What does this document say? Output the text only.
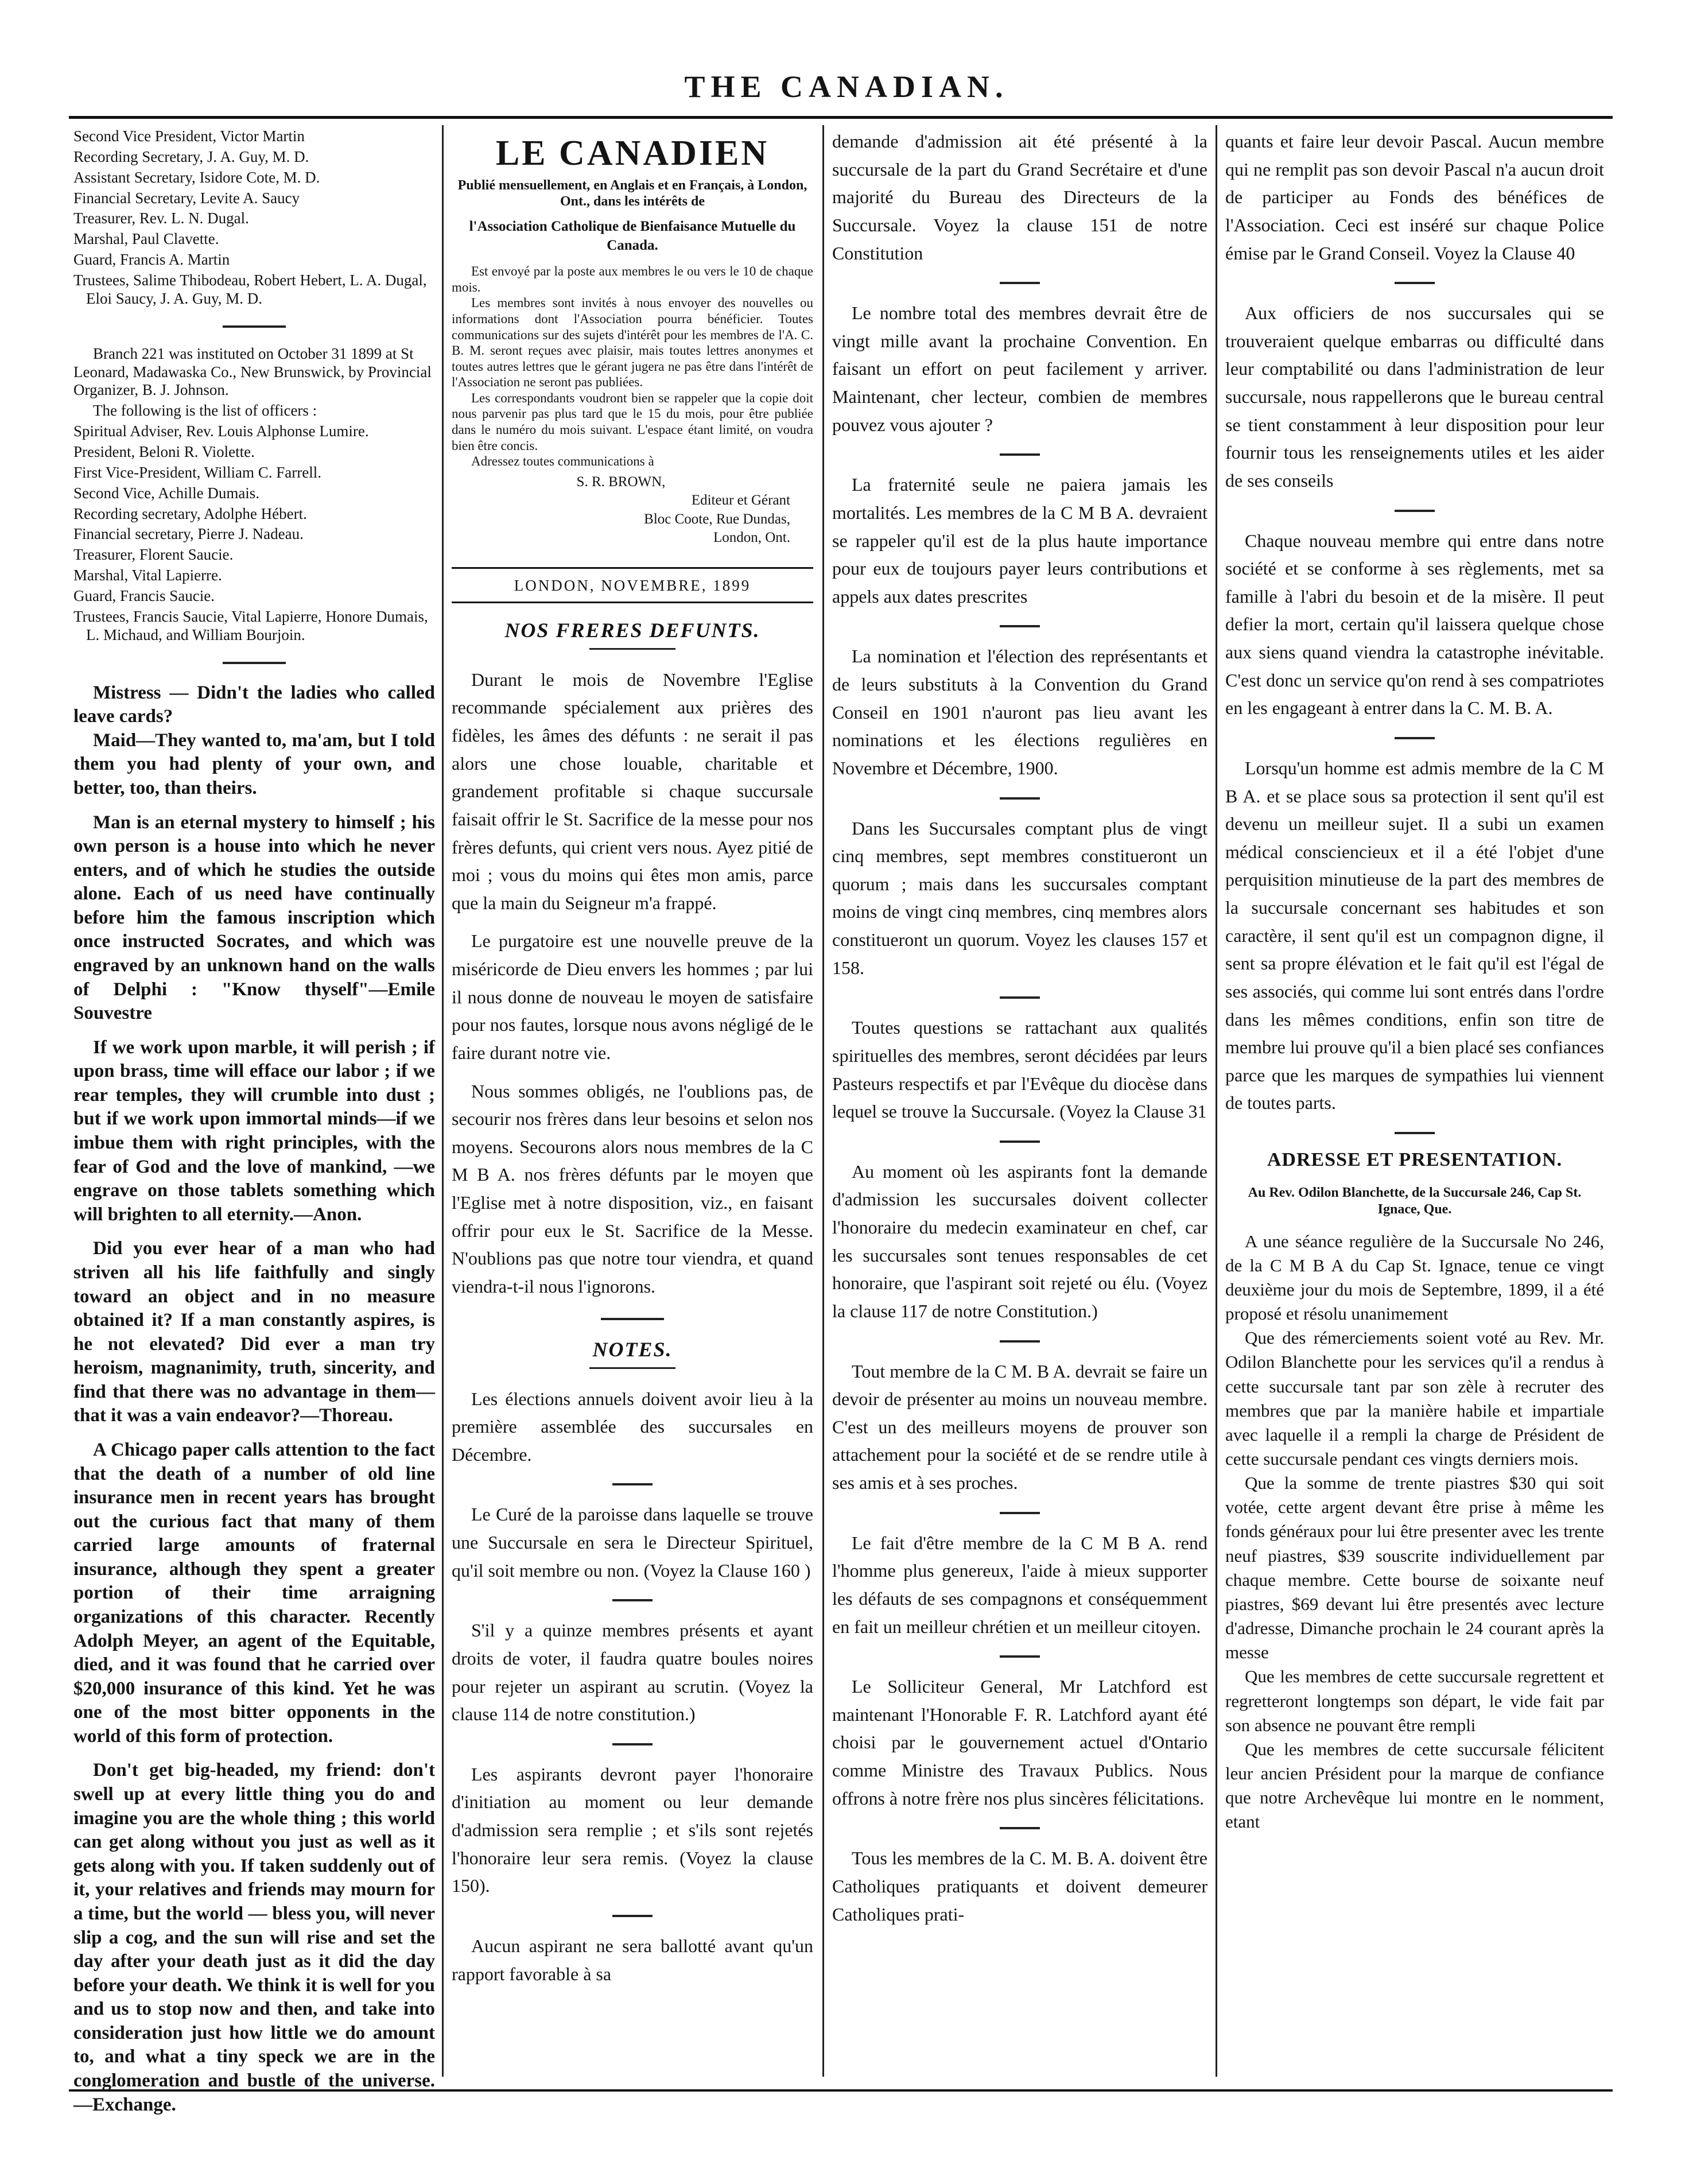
THE CANADIAN.

Second Vice President, Victor Martin

Recording Secretary, J. A. Guy, M. D.

Assistant Secretary, Isidore Cote, M. D.

Financial Secretary, Levite A. Saucy

Treasurer, Rev. L. N. Dugal.

Marshal, Paul Clavette.

Guard, Francis A. Martin

Trustees, Salime Thibodeau, Robert Hebert, L. A. Dugal, Eloi Saucy, J. A. Guy, M. D.

Branch 221 was instituted on October 31 1899 at St Leonard, Madawaska Co., New Brunswick, by Provincial Organizer, B. J. Johnson.

The following is the list of officers :

Spiritual Adviser, Rev. Louis Alphonse Lumire.

President, Beloni R. Violette.

First Vice-President, William C. Farrell.

Second Vice, Achille Dumais.

Recording secretary, Adolphe Hébert.

Financial secretary, Pierre J. Nadeau.

Treasurer, Florent Saucie.

Marshal, Vital Lapierre.

Guard, Francis Saucie.

Trustees, Francis Saucie, Vital Lapierre, Honore Dumais, L. Michaud, and William Bourjoin.

Mistress — Didn't the ladies who called leave cards?

Maid—They wanted to, ma'am, but I told them you had plenty of your own, and better, too, than theirs.

Man is an eternal mystery to himself ; his own person is a house into which he never enters, and of which he studies the outside alone. Each of us need have continually before him the famous inscription which once instructed Socrates, and which was engraved by an unknown hand on the walls of Delphi : "Know thyself"—Emile Souvestre

If we work upon marble, it will perish ; if upon brass, time will efface our labor ; if we rear temples, they will crumble into dust ; but if we work upon immortal minds—if we imbue them with right principles, with the fear of God and the love of mankind, —we engrave on those tablets something which will brighten to all eternity.—Anon.

Did you ever hear of a man who had striven all his life faithfully and singly toward an object and in no measure obtained it? If a man constantly aspires, is he not elevated? Did ever a man try heroism, magnanimity, truth, sincerity, and find that there was no advantage in them—that it was a vain endeavor?—Thoreau.

A Chicago paper calls attention to the fact that the death of a number of old line insurance men in recent years has brought out the curious fact that many of them carried large amounts of fraternal insurance, although they spent a greater portion of their time arraigning organizations of this character. Recently Adolph Meyer, an agent of the Equitable, died, and it was found that he carried over $20,000 insurance of this kind. Yet he was one of the most bitter opponents in the world of this form of protection.

Don't get big-headed, my friend: don't swell up at every little thing you do and imagine you are the whole thing ; this world can get along without you just as well as it gets along with you. If taken suddenly out of it, your relatives and friends may mourn for a time, but the world — bless you, will never slip a cog, and the sun will rise and set the day after your death just as it did the day before your death. We think it is well for you and us to stop now and then, and take into consideration just how little we do amount to, and what a tiny speck we are in the conglomeration and bustle of the universe.—Exchange.

LE CANADIEN
Publié mensuellement, en Anglais et en Français, à London, Ont., dans les intérêts de
l'Association Catholique de Bienfaisance Mutuelle du Canada.

Est envoyé par la poste aux membres le ou vers le 10 de chaque mois.

Les membres sont invités à nous envoyer des nouvelles ou informations dont l'Association pourra bénéficier. Toutes communications sur des sujets d'intérêt pour les membres de l'A. C. B. M. seront reçues avec plaisir, mais toutes lettres anonymes et toutes autres lettres que le gérant jugera ne pas être dans l'intérêt de l'Association ne seront pas publiées.

Les correspondants voudront bien se rappeler que la copie doit nous parvenir pas plus tard que le 15 du mois, pour être publiée dans le numéro du mois suivant. L'espace étant limité, on voudra bien être concis.

Adressez toutes communications à

S. R. BROWN,
Editeur et Gérant
Bloc Coote, Rue Dundas,
London, Ont.
LONDON, NOVEMBRE, 1899
NOS FRERES DEFUNTS.

Durant le mois de Novembre l'Eglise recommande spécialement aux prières des fidèles, les âmes des défunts : ne serait il pas alors une chose louable, charitable et grandement profitable si chaque succursale faisait offrir le St. Sacrifice de la messe pour nos frères defunts, qui crient vers nous. Ayez pitié de moi ; vous du moins qui êtes mon amis, parce que la main du Seigneur m'a frappé.

Le purgatoire est une nouvelle preuve de la miséricorde de Dieu envers les hommes ; par lui il nous donne de nouveau le moyen de satisfaire pour nos fautes, lorsque nous avons négligé de le faire durant notre vie.

Nous sommes obligés, ne l'oublions pas, de secourir nos frères dans leur besoins et selon nos moyens. Secourons alors nous membres de la C M B A. nos frères défunts par le moyen que l'Eglise met à notre disposition, viz., en faisant offrir pour eux le St. Sacrifice de la Messe. N'oublions pas que notre tour viendra, et quand viendra-t-il nous l'ignorons.

NOTES.

Les élections annuels doivent avoir lieu à la première assemblée des succursales en Décembre.

Le Curé de la paroisse dans laquelle se trouve une Succursale en sera le Directeur Spirituel, qu'il soit membre ou non. (Voyez la Clause 160 )

S'il y a quinze membres présents et ayant droits de voter, il faudra quatre boules noires pour rejeter un aspirant au scrutin. (Voyez la clause 114 de notre constitution.)

Les aspirants devront payer l'honoraire d'initiation au moment ou leur demande d'admission sera remplie ; et s'ils sont rejetés l'honoraire leur sera remis. (Voyez la clause 150).

Aucun aspirant ne sera ballotté avant qu'un rapport favorable à sa

demande d'admission ait été présenté à la succursale de la part du Grand Secrétaire et d'une majorité du Bureau des Directeurs de la Succursale. Voyez la clause 151 de notre Constitution

Le nombre total des membres devrait être de vingt mille avant la prochaine Convention. En faisant un effort on peut facilement y arriver. Maintenant, cher lecteur, combien de membres pouvez vous ajouter ?

La fraternité seule ne paiera jamais les mortalités. Les membres de la C M B A. devraient se rappeler qu'il est de la plus haute importance pour eux de toujours payer leurs contributions et appels aux dates prescrites

La nomination et l'élection des représentants et de leurs substituts à la Convention du Grand Conseil en 1901 n'auront pas lieu avant les nominations et les élections regulières en Novembre et Décembre, 1900.

Dans les Succursales comptant plus de vingt cinq membres, sept membres constitueront un quorum ; mais dans les succursales comptant moins de vingt cinq membres, cinq membres alors constitueront un quorum. Voyez les clauses 157 et 158.

Toutes questions se rattachant aux qualités spirituelles des membres, seront décidées par leurs Pasteurs respectifs et par l'Evêque du diocèse dans lequel se trouve la Succursale. (Voyez la Clause 31

Au moment où les aspirants font la demande d'admission les succursales doivent collecter l'honoraire du medecin examinateur en chef, car les succursales sont tenues responsables de cet honoraire, que l'aspirant soit rejeté ou élu. (Voyez la clause 117 de notre Constitution.)

Tout membre de la C M. B A. devrait se faire un devoir de présenter au moins un nouveau membre. C'est un des meilleurs moyens de prouver son attachement pour la société et de se rendre utile à ses amis et à ses proches.

Le fait d'être membre de la C M B A. rend l'homme plus genereux, l'aide à mieux supporter les défauts de ses compagnons et conséquemment en fait un meilleur chrétien et un meilleur citoyen.

Le Solliciteur General, Mr Latchford est maintenant l'Honorable F. R. Latchford ayant été choisi par le gouvernement actuel d'Ontario comme Ministre des Travaux Publics. Nous offrons à notre frère nos plus sincères félicitations.

Tous les membres de la C. M. B. A. doivent être Catholiques pratiquants et doivent demeurer Catholiques prati-

quants et faire leur devoir Pascal. Aucun membre qui ne remplit pas son devoir Pascal n'a aucun droit de participer au Fonds des bénéfices de l'Association. Ceci est inséré sur chaque Police émise par le Grand Conseil. Voyez la Clause 40

Aux officiers de nos succursales qui se trouveraient quelque embarras ou difficulté dans leur comptabilité ou dans l'administration de leur succursale, nous rappellerons que le bureau central se tient constamment à leur disposition pour leur fournir tous les renseignements utiles et les aider de ses conseils

Chaque nouveau membre qui entre dans notre société et se conforme à ses règlements, met sa famille à l'abri du besoin et de la misère. Il peut defier la mort, certain qu'il laissera quelque chose aux siens quand viendra la catastrophe inévitable. C'est donc un service qu'on rend à ses compatriotes en les engageant à entrer dans la C. M. B. A.

Lorsqu'un homme est admis membre de la C M B A. et se place sous sa protection il sent qu'il est devenu un meilleur sujet. Il a subi un examen médical consciencieux et il a été l'objet d'une perquisition minutieuse de la part des membres de la succursale concernant ses habitudes et son caractère, il sent qu'il est un compagnon digne, il sent sa propre élévation et le fait qu'il est l'égal de ses associés, qui comme lui sont entrés dans l'ordre dans les mêmes conditions, enfin son titre de membre lui prouve qu'il a bien placé ses confiances parce que les marques de sympathies lui viennent de toutes parts.

ADRESSE ET PRESENTATION.
Au Rev. Odilon Blanchette, de la Succursale 246, Cap St. Ignace, Que.

A une séance regulière de la Succursale No 246, de la C M B A du Cap St. Ignace, tenue ce vingt deuxième jour du mois de Septembre, 1899, il a été proposé et résolu unanimement

Que des rémerciements soient voté au Rev. Mr. Odilon Blanchette pour les services qu'il a rendus à cette succursale tant par son zèle à recruter des membres que par la manière habile et impartiale avec laquelle il a rempli la charge de Président de cette succursale pendant ces vingts derniers mois.

Que la somme de trente piastres $30 qui soit votée, cette argent devant être prise à même les fonds généraux pour lui être presenter avec les trente neuf piastres, $39 souscrite individuellement par chaque membre. Cette bourse de soixante neuf piastres, $69 devant lui être presentés avec lecture d'adresse, Dimanche prochain le 24 courant après la messe

Que les membres de cette succursale regrettent et regretteront longtemps son départ, le vide fait par son absence ne pouvant être rempli

Que les membres de cette succursale félicitent leur ancien Président pour la marque de confiance que notre Archevêque lui montre en le nomment, etant
